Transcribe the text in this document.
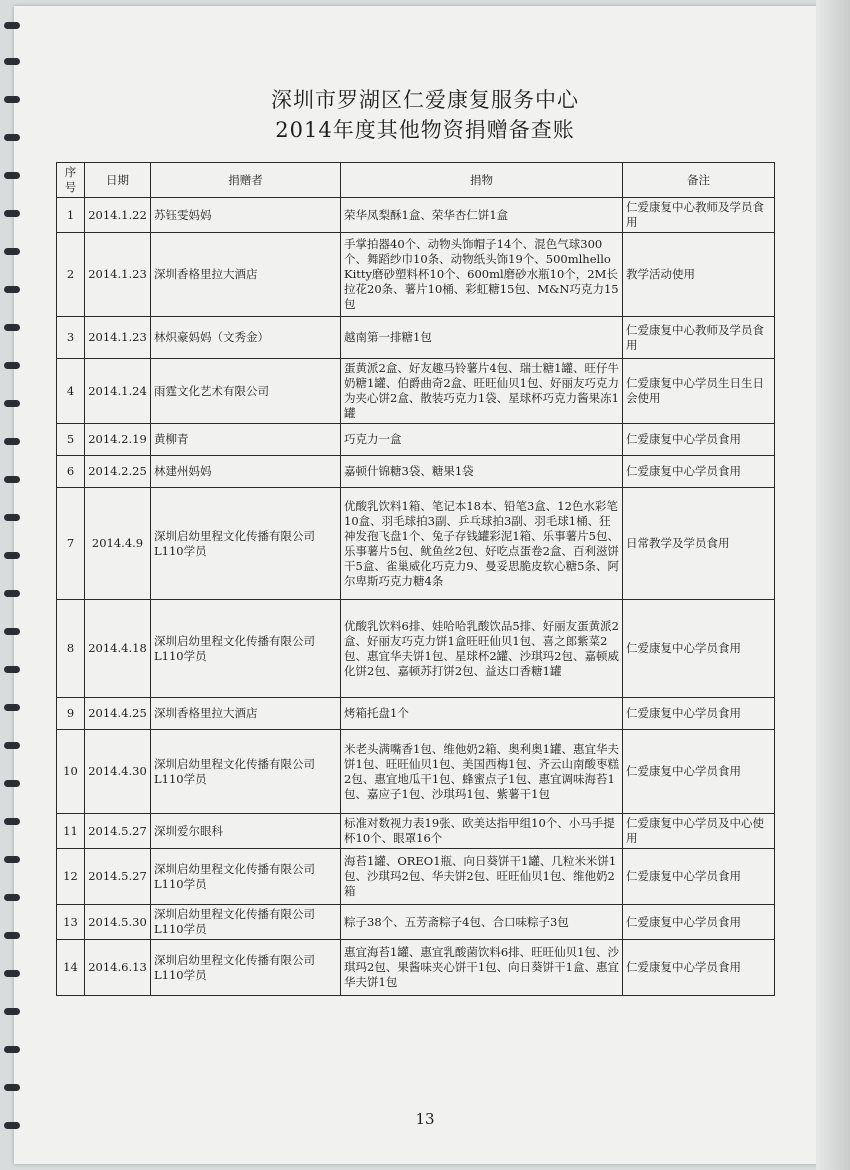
深圳市罗湖区仁爱康复服务中心
2014年度其他物资捐赠备查账
序号	日期	捐赠者	捐物	备注
1	2014.1.22	苏钰雯妈妈	荣华凤梨酥1盒、荣华杏仁饼1盒	仁爱康复中心教师及学员食用
2	2014.1.23	深圳香格里拉大酒店	手掌拍器40个、动物头饰帽子14个、混色气球300个、舞蹈纱巾10条、动物纸头饰19个、500mlhello Kitty磨砂塑料杯10个、600ml磨砂水瓶10个，2M长拉花20条、薯片10桶、彩虹糖15包、M&N巧克力15包	教学活动使用
3	2014.1.23	林炽豪妈妈（文秀金）	越南第一排糖1包	仁爱康复中心教师及学员食用
4	2014.1.24	雨霆文化艺术有限公司	蛋黄派2盒、好友趣马铃薯片4包、瑞士糖1罐、旺仔牛奶糖1罐、伯爵曲奇2盒、旺旺仙贝1包、好丽友巧克力为夹心饼2盒、散装巧克力1袋、星球杯巧克力酱果冻1罐	仁爱康复中心学员生日生日会使用
5	2014.2.19	黄柳青	巧克力一盒	仁爱康复中心学员食用
6	2014.2.25	林建州妈妈	嘉顿什锦糖3袋、糖果1袋	仁爱康复中心学员食用
7	2014.4.9	深圳启幼里程文化传播有限公司L110学员	优酸乳饮料1箱、笔记本18本、铅笔3盒、12色水彩笔10盒、羽毛球拍3副、乒乓球拍3副、羽毛球1桶、狂神发孢飞盘1个、兔子存钱罐彩泥1箱、乐事薯片5包、乐事薯片5包、鱿鱼丝2包、好吃点蛋卷2盒、百利滋饼干5盒、雀巢威化巧克力9、曼妥思脆皮软心糖5条、阿尔卑斯巧克力糖4条	日常教学及学员食用
8	2014.4.18	深圳启幼里程文化传播有限公司L110学员	优酸乳饮料6排、娃哈哈乳酸饮品5排、好丽友蛋黄派2盒、好丽友巧克力饼1盒旺旺仙贝1包、喜之郎紫菜2包、惠宜华夫饼1包、星球杯2罐、沙琪玛2包、嘉顿威化饼2包、嘉顿苏打饼2包、益达口香糖1罐	仁爱康复中心学员食用
9	2014.4.25	深圳香格里拉大酒店	烤箱托盘1个	仁爱康复中心学员食用
10	2014.4.30	深圳启幼里程文化传播有限公司L110学员	米老头满嘴香1包、维他奶2箱、奥利奥1罐、惠宜华夫饼1包、旺旺仙贝1包、美国西梅1包、齐云山南酸枣糕2包、惠宜地瓜干1包、蜂蜜点子1包、惠宜调味海苔1包、嘉应子1包、沙琪玛1包、紫薯干1包	仁爱康复中心学员食用
11	2014.5.27	深圳爱尔眼科	标准对数视力表19张、欧美达指甲组10个、小马手提杯10个、眼罩16个	仁爱康复中心学员及中心使用
12	2014.5.27	深圳启幼里程文化传播有限公司L110学员	海苔1罐、OREO1瓶、向日葵饼干1罐、几粒米米饼1包、沙琪玛2包、华夫饼2包、旺旺仙贝1包、维他奶2箱	仁爱康复中心学员食用
13	2014.5.30	深圳启幼里程文化传播有限公司L110学员	粽子38个、五芳斋粽子4包、合口味粽子3包	仁爱康复中心学员食用
14	2014.6.13	深圳启幼里程文化传播有限公司L110学员	惠宜海苔1罐、惠宜乳酸菌饮料6排、旺旺仙贝1包、沙琪玛2包、果酱味夹心饼干1包、向日葵饼干1盒、惠宜华夫饼1包	仁爱康复中心学员食用
13
